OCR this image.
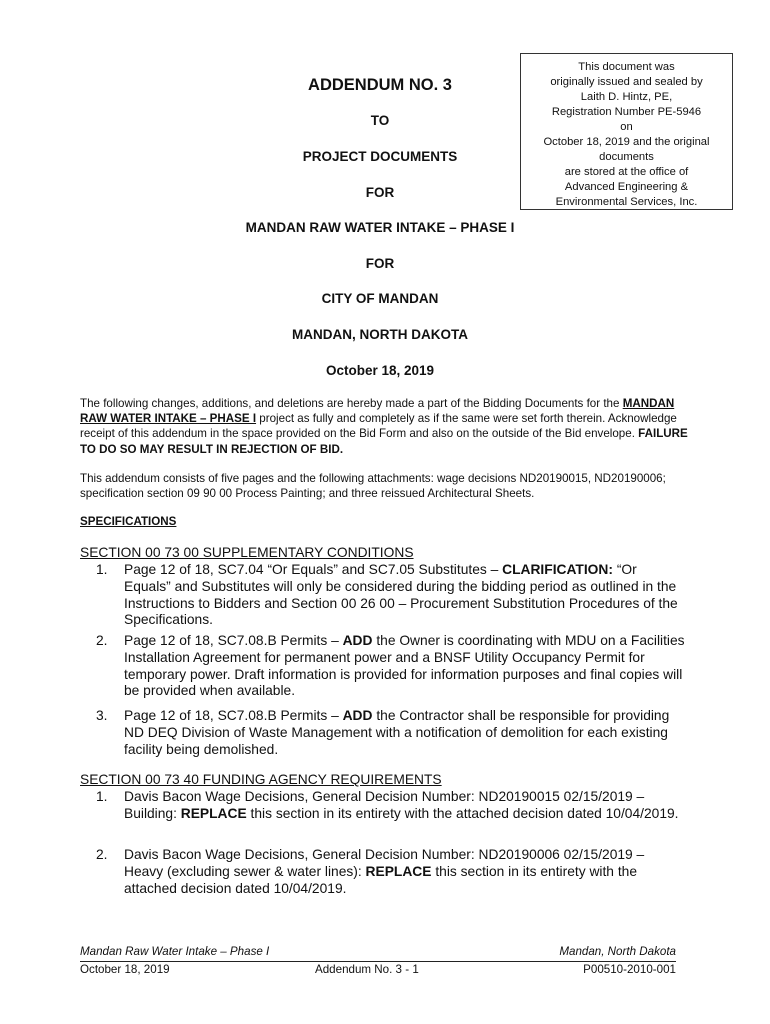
This document was
originally issued and sealed by
Laith D. Hintz, PE,
Registration Number PE-5946
on
October 18, 2019 and the original
documents
are stored at the office of
Advanced Engineering &
Environmental Services, Inc.
ADDENDUM NO. 3
TO
PROJECT DOCUMENTS
FOR
MANDAN RAW WATER INTAKE – PHASE I
FOR
CITY OF MANDAN
MANDAN, NORTH DAKOTA
October 18, 2019

The following changes, additions, and deletions are hereby made a part of the Bidding Documents for the MANDAN RAW WATER INTAKE – PHASE I project as fully and completely as if the same were set forth therein. Acknowledge receipt of this addendum in the space provided on the Bid Form and also on the outside of the Bid envelope. FAILURE TO DO SO MAY RESULT IN REJECTION OF BID.

This addendum consists of five pages and the following attachments: wage decisions ND20190015, ND20190006; specification section 09 90 00 Process Painting; and three reissued Architectural Sheets.

SPECIFICATIONS
SECTION 00 73 00 SUPPLEMENTARY CONDITIONS
1.	Page 12 of 18, SC7.04 “Or Equals” and SC7.05 Substitutes – CLARIFICATION: “Or Equals” and Substitutes will only be considered during the bidding period as outlined in the Instructions to Bidders and Section 00 26 00 – Procurement Substitution Procedures of the Specifications.
2.	Page 12 of 18, SC7.08.B Permits – ADD the Owner is coordinating with MDU on a Facilities Installation Agreement for permanent power and a BNSF Utility Occupancy Permit for temporary power. Draft information is provided for information purposes and final copies will be provided when available.
3.	Page 12 of 18, SC7.08.B Permits – ADD the Contractor shall be responsible for providing ND DEQ Division of Waste Management with a notification of demolition for each existing facility being demolished.
SECTION 00 73 40 FUNDING AGENCY REQUIREMENTS
1.	Davis Bacon Wage Decisions, General Decision Number: ND20190015 02/15/2019 – Building: REPLACE this section in its entirety with the attached decision dated 10/04/2019.
2.	Davis Bacon Wage Decisions, General Decision Number: ND20190006 02/15/2019 – Heavy (excluding sewer & water lines): REPLACE this section in its entirety with the attached decision dated 10/04/2019.
Mandan Raw Water Intake – Phase I	Mandan, North Dakota
October 18, 2019	Addendum No. 3 - 1	P00510-2010-001
